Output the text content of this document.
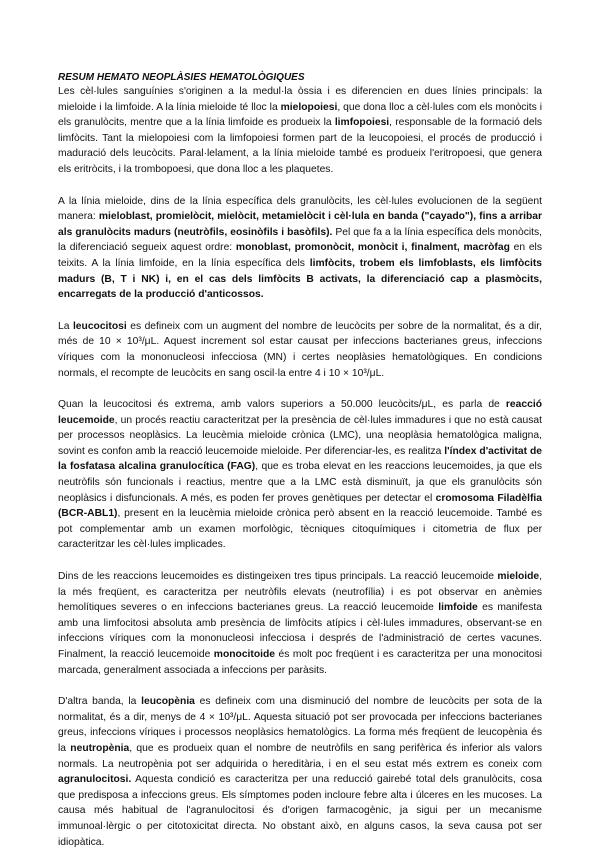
RESUM HEMATO NEOPLÀSIES HEMATOLÒGIQUES

Les cèl·lules sanguínies s'originen a la medul·la òssia i es diferencien en dues línies principals: la mieloide i la limfoide. A la línia mieloide té lloc la mielopoiesi, que dona lloc a cèl·lules com els monòcits i els granulòcits, mentre que a la línia limfoide es produeix la limfopoiesi, responsable de la formació dels limfòcits. Tant la mielopoiesi com la limfopoiesi formen part de la leucopoiesi, el procés de producció i maduració dels leucòcits. Paral·lelament, a la línia mieloide també es produeix l'eritropoesi, que genera els eritròcits, i la trombopoesi, que dona lloc a les plaquetes.

A la línia mieloide, dins de la línia específica dels granulòcits, les cèl·lules evolucionen de la següent manera: mieloblast, promielòcit, mielòcit, metamielòcit i cèl·lula en banda ("cayado"), fins a arribar als granulòcits madurs (neutròfils, eosinòfils i basòfils). Pel que fa a la línia específica dels monòcits, la diferenciació segueix aquest ordre: monoblast, promonòcit, monòcit i, finalment, macròfag en els teixits. A la línia limfoide, en la línia específica dels limfòcits, trobem els limfoblasts, els limfòcits madurs (B, T i NK) i, en el cas dels limfòcits B activats, la diferenciació cap a plasmòcits, encarregats de la producció d'anticossos.

La leucocitosi es defineix com un augment del nombre de leucòcits per sobre de la normalitat, és a dir, més de 10 × 10³/μL. Aquest increment sol estar causat per infeccions bacterianes greus, infeccions víriques com la mononucleosi infecciosa (MN) i certes neoplàsies hematològiques. En condicions normals, el recompte de leucòcits en sang oscil·la entre 4 i 10 × 10³/μL.

Quan la leucocitosi és extrema, amb valors superiors a 50.000 leucòcits/μL, es parla de reacció leucemoide, un procés reactiu caracteritzat per la presència de cèl·lules immadures i que no està causat per processos neoplàsics. La leucèmia mieloide crònica (LMC), una neoplàsia hematològica maligna, sovint es confon amb la reacció leucemoide mieloide. Per diferenciar-les, es realitza l'índex d'activitat de la fosfatasa alcalina granulocítica (FAG), que es troba elevat en les reaccions leucemoides, ja que els neutròfils són funcionals i reactius, mentre que a la LMC està disminuït, ja que els granulòcits són neoplàsics i disfuncionals. A més, es poden fer proves genètiques per detectar el cromosoma Filadèlfia (BCR-ABL1), present en la leucèmia mieloide crònica però absent en la reacció leucemoide. També es pot complementar amb un examen morfològic, tècniques citoquímiques i citometria de flux per caracteritzar les cèl·lules implicades.

Dins de les reaccions leucemoides es distingeixen tres tipus principals. La reacció leucemoide mieloide, la més freqüent, es caracteritza per neutròfils elevats (neutrofília) i es pot observar en anèmies hemolítiques severes o en infeccions bacterianes greus. La reacció leucemoide limfoide es manifesta amb una limfocitosi absoluta amb presència de limfòcits atípics i cèl·lules immadures, observant-se en infeccions víriques com la mononucleosi infecciosa i després de l'administració de certes vacunes. Finalment, la reacció leucemoide monocitoide és molt poc freqüent i es caracteritza per una monocitosi marcada, generalment associada a infeccions per paràsits.

D'altra banda, la leucopènia es defineix com una disminució del nombre de leucòcits per sota de la normalitat, és a dir, menys de 4 × 10³/μL. Aquesta situació pot ser provocada per infeccions bacterianes greus, infeccions víriques i processos neoplàsics hematològics. La forma més freqüent de leucopènia és la neutropènia, que es produeix quan el nombre de neutròfils en sang perifèrica és inferior als valors normals. La neutropènia pot ser adquirida o hereditària, i en el seu estat més extrem es coneix com agranulocitosi. Aquesta condició es caracteritza per una reducció gairebé total dels granulòcits, cosa que predisposa a infeccions greus. Els símptomes poden incloure febre alta i úlceres en les mucoses. La causa més habitual de l'agranulocitosi és d'origen farmacogènic, ja sigui per un mecanisme immunoal·lèrgic o per citotoxicitat directa. No obstant això, en alguns casos, la seva causa pot ser idiopàtica.
